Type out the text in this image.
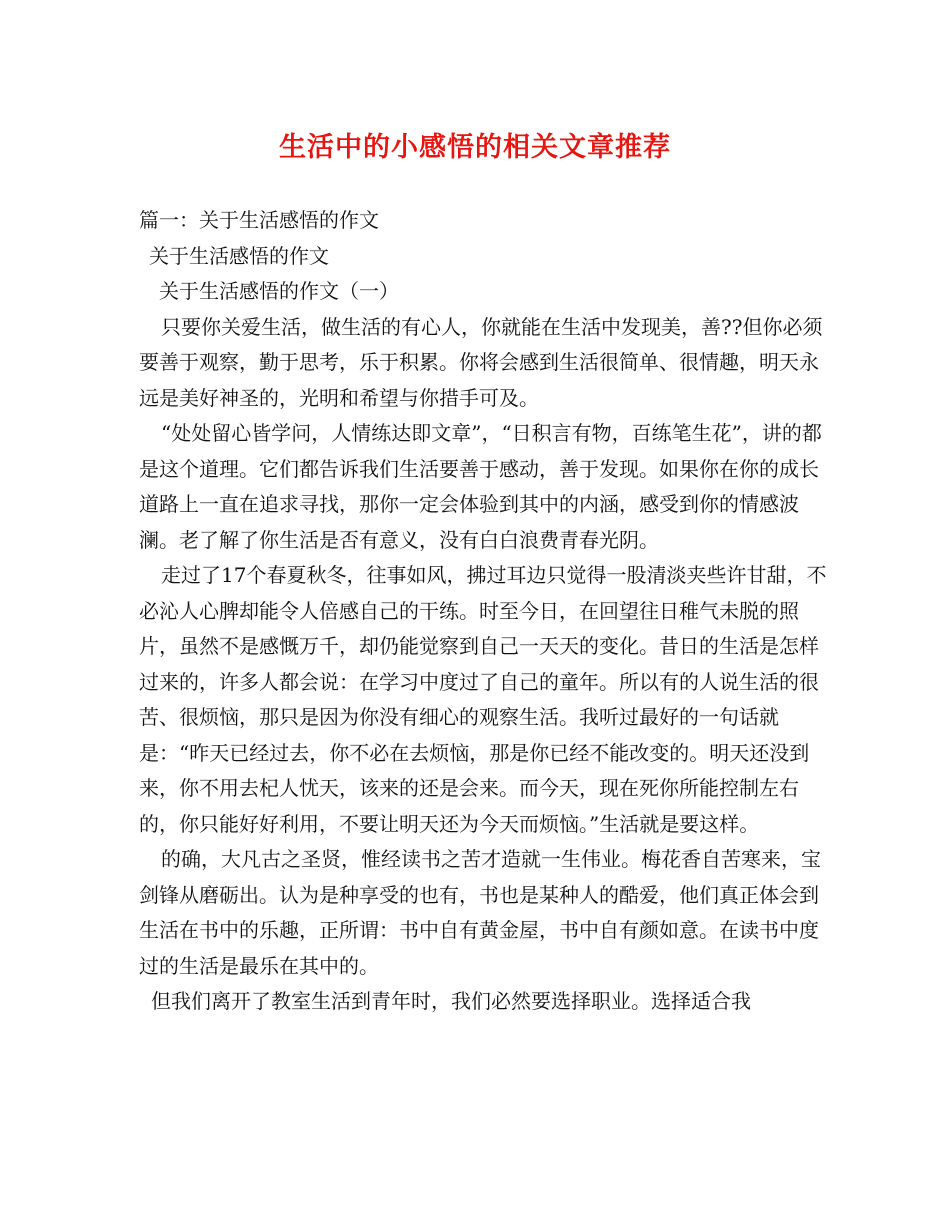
生活中的小感悟的相关文章推荐

篇一：关于生活感悟的作文

关于生活感悟的作文

关于生活感悟的作文（一）

只要你关爱生活，做生活的有心人，你就能在生活中发现美，善??但你必须要善于观察，勤于思考，乐于积累。你将会感到生活很简单、很情趣，明天永远是美好神圣的，光明和希望与你措手可及。

“处处留心皆学问，人情练达即文章”，“日积言有物，百练笔生花”，讲的都是这个道理。它们都告诉我们生活要善于感动，善于发现。如果你在你的成长道路上一直在追求寻找，那你一定会体验到其中的内涵，感受到你的情感波澜。老了解了你生活是否有意义，没有白白浪费青春光阴。

走过了17个春夏秋冬，往事如风，拂过耳边只觉得一股清淡夹些许甘甜，不必沁人心脾却能令人倍感自己的干练。时至今日，在回望往日稚气未脱的照片，虽然不是感慨万千，却仍能觉察到自己一天天的变化。昔日的生活是怎样过来的，许多人都会说：在学习中度过了自己的童年。所以有的人说生活的很苦、很烦恼，那只是因为你没有细心的观察生活。我听过最好的一句话就是：“昨天已经过去，你不必在去烦恼，那是你已经不能改变的。明天还没到来，你不用去杞人忧天，该来的还是会来。而今天，现在死你所能控制左右的，你只能好好利用，不要让明天还为今天而烦恼。”生活就是要这样。

的确，大凡古之圣贤，惟经读书之苦才造就一生伟业。梅花香自苦寒来，宝剑锋从磨砺出。认为是种享受的也有，书也是某种人的酷爱，他们真正体会到生活在书中的乐趣，正所谓：书中自有黄金屋，书中自有颜如意。在读书中度过的生活是最乐在其中的。

但我们离开了教室生活到青年时，我们必然要选择职业。选择适合我
